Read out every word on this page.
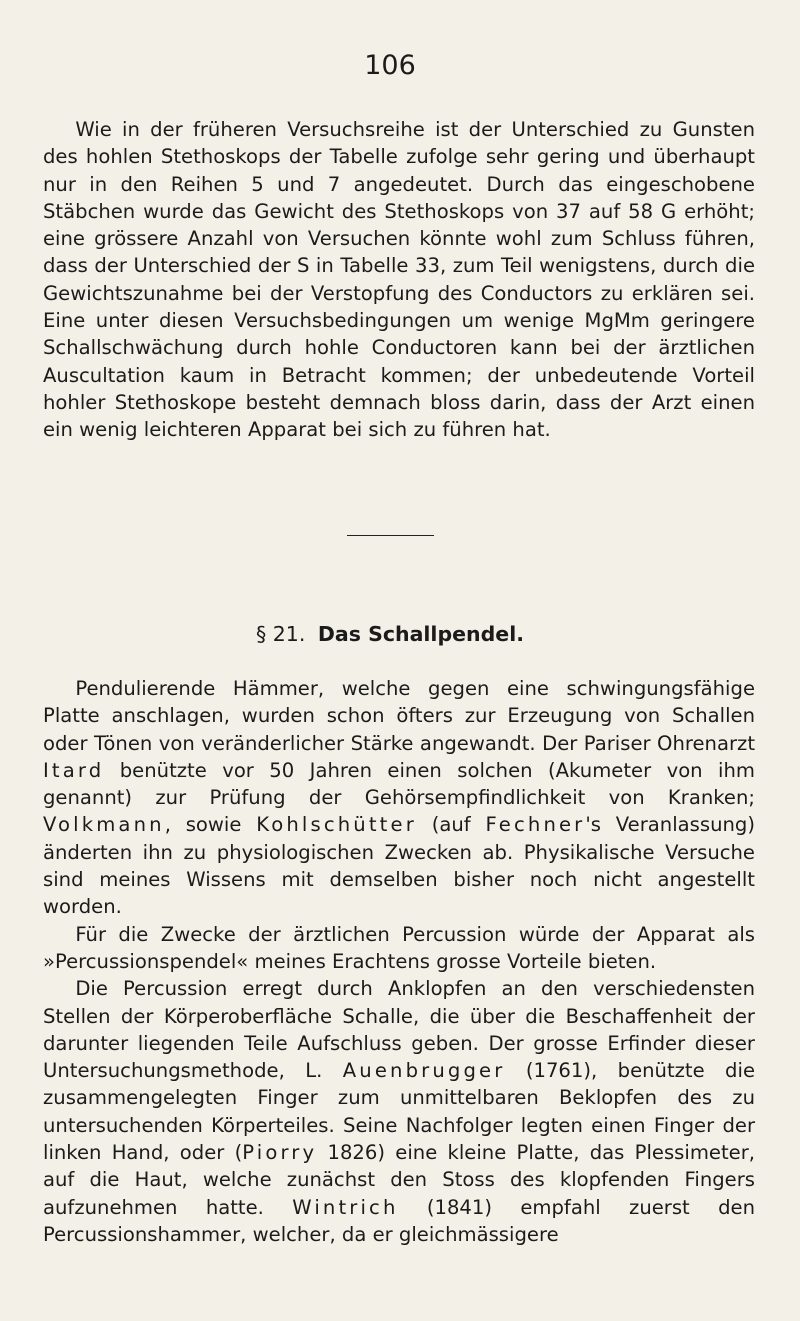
106

Wie in der früheren Versuchsreihe ist der Unterschied zu Gunsten des hohlen Stethoskops der Tabelle zufolge sehr gering und überhaupt nur in den Reihen 5 und 7 angedeutet. Durch das eingeschobene Stäbchen wurde das Gewicht des Stethoskops von 37 auf 58 G erhöht; eine grössere Anzahl von Versuchen könnte wohl zum Schluss führen, dass der Unterschied der S in Tabelle 33, zum Teil wenigstens, durch die Gewichtszunahme bei der Verstopfung des Conductors zu erklären sei. Eine unter diesen Versuchsbedingungen um wenige MgMm geringere Schallschwächung durch hohle Conductoren kann bei der ärztlichen Auscultation kaum in Betracht kommen; der unbedeutende Vorteil hohler Stethoskope besteht demnach bloss darin, dass der Arzt einen ein wenig leichteren Apparat bei sich zu führen hat.

§ 21. Das Schallpendel.

Pendulierende Hämmer, welche gegen eine schwingungsfähige Platte anschlagen, wurden schon öfters zur Erzeugung von Schallen oder Tönen von veränderlicher Stärke angewandt. Der Pariser Ohrenarzt Itard benützte vor 50 Jahren einen solchen (Akumeter von ihm genannt) zur Prüfung der Gehörsempfindlichkeit von Kranken; Volkmann, sowie Kohlschütter (auf Fechner's Veranlassung) änderten ihn zu physiologischen Zwecken ab. Physikalische Versuche sind meines Wissens mit demselben bisher noch nicht angestellt worden.

Für die Zwecke der ärztlichen Percussion würde der Apparat als »Percussionspendel« meines Erachtens grosse Vorteile bieten.

Die Percussion erregt durch Anklopfen an den verschiedensten Stellen der Körperoberfläche Schalle, die über die Beschaffenheit der darunter liegenden Teile Aufschluss geben. Der grosse Erfinder dieser Untersuchungsmethode, L. Auenbrugger (1761), benützte die zusammengelegten Finger zum unmittelbaren Beklopfen des zu untersuchenden Körperteiles. Seine Nachfolger legten einen Finger der linken Hand, oder (Piorry 1826) eine kleine Platte, das Plessimeter, auf die Haut, welche zunächst den Stoss des klopfenden Fingers aufzunehmen hatte. Wintrich (1841) empfahl zuerst den Percussionshammer, welcher, da er gleichmässigere
